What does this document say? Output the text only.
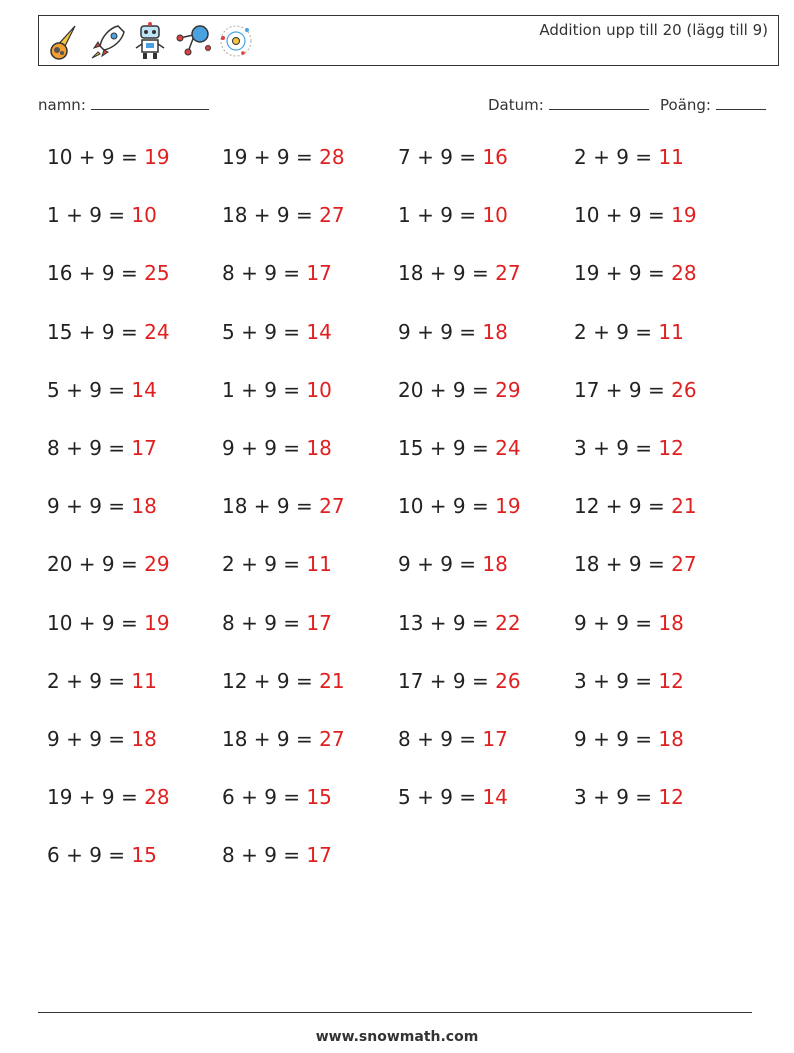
Addition upp till 20 (lägg till 9)
namn:	Datum:	Poäng:
10 + 9 = 19	19 + 9 = 28	7 + 9 = 16	2 + 9 = 11
1 + 9 = 10	18 + 9 = 27	1 + 9 = 10	10 + 9 = 19
16 + 9 = 25	8 + 9 = 17	18 + 9 = 27	19 + 9 = 28
15 + 9 = 24	5 + 9 = 14	9 + 9 = 18	2 + 9 = 11
5 + 9 = 14	1 + 9 = 10	20 + 9 = 29	17 + 9 = 26
8 + 9 = 17	9 + 9 = 18	15 + 9 = 24	3 + 9 = 12
9 + 9 = 18	18 + 9 = 27	10 + 9 = 19	12 + 9 = 21
20 + 9 = 29	2 + 9 = 11	9 + 9 = 18	18 + 9 = 27
10 + 9 = 19	8 + 9 = 17	13 + 9 = 22	9 + 9 = 18
2 + 9 = 11	12 + 9 = 21	17 + 9 = 26	3 + 9 = 12
9 + 9 = 18	18 + 9 = 27	8 + 9 = 17	9 + 9 = 18
19 + 9 = 28	6 + 9 = 15	5 + 9 = 14	3 + 9 = 12
6 + 9 = 15	8 + 9 = 17
www.snowmath.com
